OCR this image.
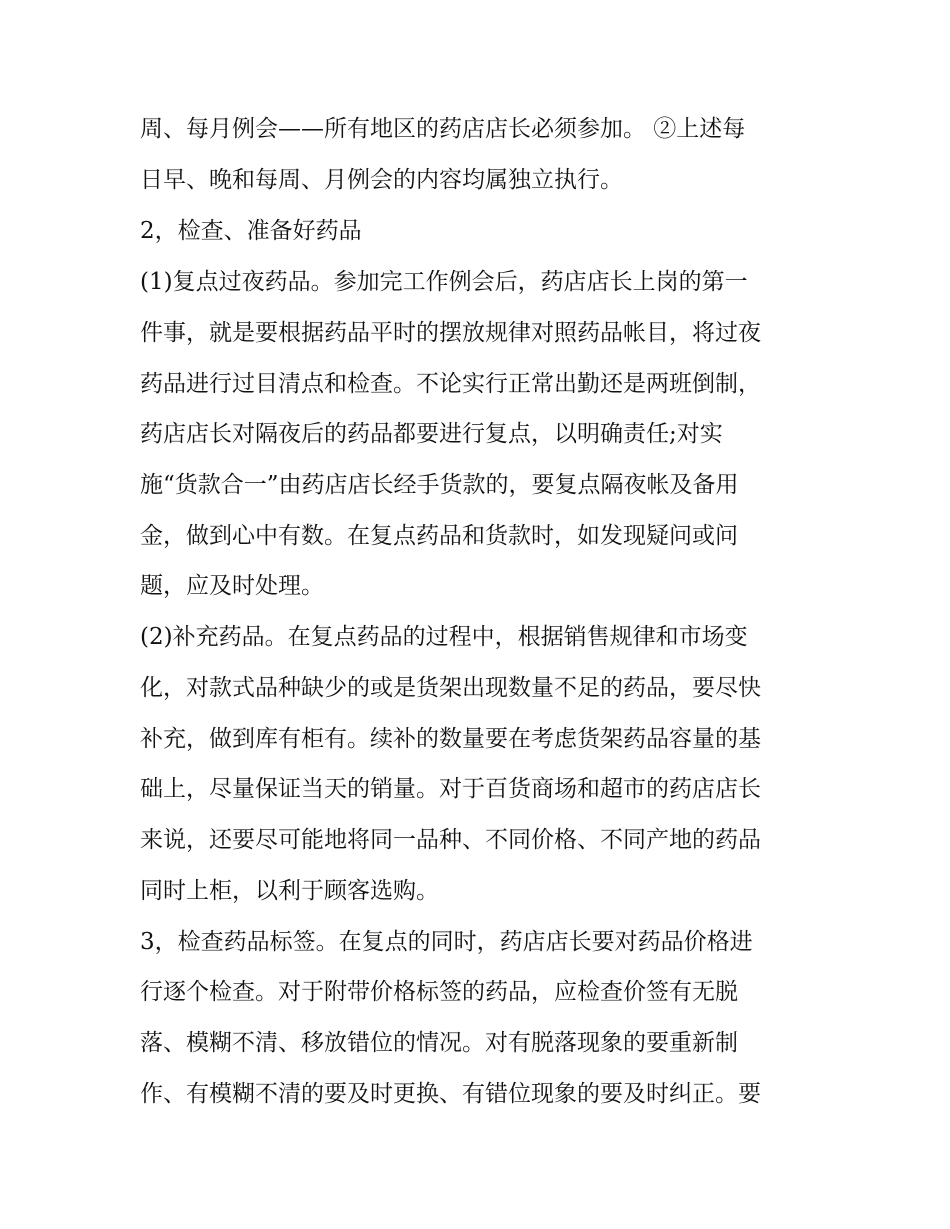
周、每月例会——所有地区的药店店长必须参加。 ②上述每
日早、晚和每周、月例会的内容均属独立执行。
2，检查、准备好药品
(1)复点过夜药品。参加完工作例会后，药店店长上岗的第一
件事，就是要根据药品平时的摆放规律对照药品帐目，将过夜
药品进行过目清点和检查。不论实行正常出勤还是两班倒制，
药店店长对隔夜后的药品都要进行复点，以明确责任;对实
施“货款合一”由药店店长经手货款的，要复点隔夜帐及备用
金，做到心中有数。在复点药品和货款时，如发现疑问或问
题，应及时处理。
(2)补充药品。在复点药品的过程中，根据销售规律和市场变
化，对款式品种缺少的或是货架出现数量不足的药品，要尽快
补充，做到库有柜有。续补的数量要在考虑货架药品容量的基
础上，尽量保证当天的销量。对于百货商场和超市的药店店长
来说，还要尽可能地将同一品种、不同价格、不同产地的药品
同时上柜，以利于顾客选购。
3，检查药品标签。在复点的同时，药店店长要对药品价格进
行逐个检查。对于附带价格标签的药品，应检查价签有无脱
落、模糊不清、移放错位的情况。对有脱落现象的要重新制
作、有模糊不清的要及时更换、有错位现象的要及时纠正。要
